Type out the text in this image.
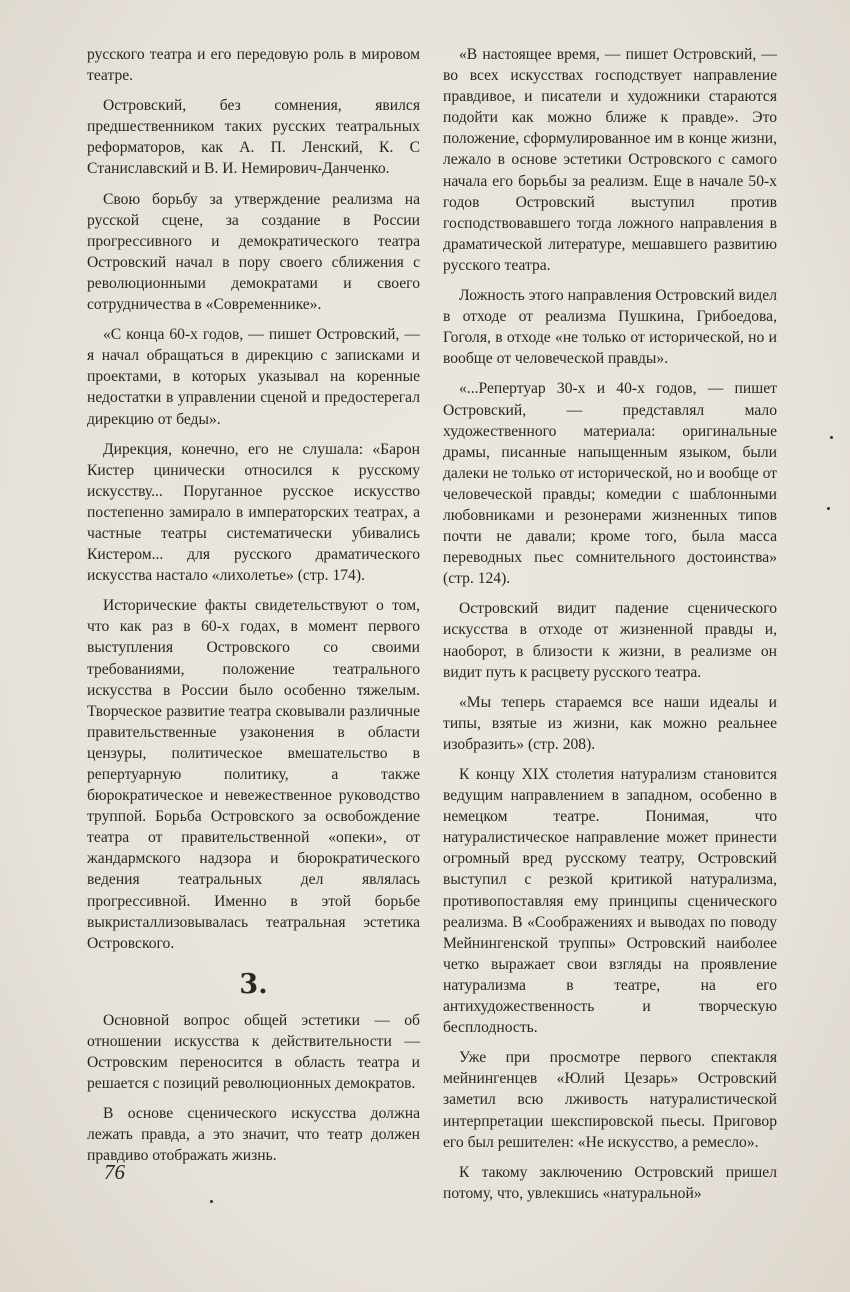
русского театра и его передовую роль в мировом театре.

Островский, без сомнения, явился предшественником таких русских театральных реформаторов, как А. П. Ленский, К. С Станиславский и В. И. Немирович-Данченко.

Свою борьбу за утверждение реализма на русской сцене, за создание в России прогрессивного и демократического театра Островский начал в пору своего сближения с революционными демократами и своего сотрудничества в «Современнике».

«С конца 60-х годов, — пишет Островский, — я начал обращаться в дирекцию с записками и проектами, в которых указывал на коренные недостатки в управлении сценой и предостерегал дирекцию от беды».

Дирекция, конечно, его не слушала: «Барон Кистер цинически относился к русскому искусству... Поруганное русское искусство постепенно замирало в императорских театрах, а частные театры систематически убивались Кистером... для русского драматического искусства настало «лихолетье» (стр. 174).

Исторические факты свидетельствуют о том, что как раз в 60-х годах, в момент первого выступления Островского со своими требованиями, положение театрального искусства в России было особенно тяжелым. Творческое развитие театра сковывали различные правительственные узаконения в области цензуры, политическое вмешательство в репертуарную политику, а также бюрократическое и невежественное руководство труппой. Борьба Островского за освобождение театра от правительственной «опеки», от жандармского надзора и бюрократического ведения театральных дел являлась прогрессивной. Именно в этой борьбе выкристаллизовывалась театральная эстетика Островского.

3.

Основной вопрос общей эстетики — об отношении искусства к действительности — Островским переносится в область театра и решается с позиций революционных демократов.

В основе сценического искусства должна лежать правда, а это значит, что театр должен правдиво отображать жизнь.

«В настоящее время, — пишет Островский, — во всех искусствах господствует направление правдивое, и писатели и художники стараются подойти как можно ближе к правде». Это положение, сформулированное им в конце жизни, лежало в основе эстетики Островского с самого начала его борьбы за реализм. Еще в начале 50-х годов Островский выступил против господствовавшего тогда ложного направления в драматической литературе, мешавшего развитию русского театра.

Ложность этого направления Островский видел в отходе от реализма Пушкина, Грибоедова, Гоголя, в отходе «не только от исторической, но и вообще от человеческой правды».

«...Репертуар 30-х и 40-х годов, — пишет Островский, — представлял мало художественного материала: оригинальные драмы, писанные напыщенным языком, были далеки не только от исторической, но и вообще от человеческой правды; комедии с шаблонными любовниками и резонерами жизненных типов почти не давали; кроме того, была масса переводных пьес сомнительного достоинства» (стр. 124).

Островский видит падение сценического искусства в отходе от жизненной правды и, наоборот, в близости к жизни, в реализме он видит путь к расцвету русского театра.

«Мы теперь стараемся все наши идеалы и типы, взятые из жизни, как можно реальнее изобразить» (стр. 208).

К концу XIX столетия натурализм становится ведущим направлением в западном, особенно в немецком театре. Понимая, что натуралистическое направление может принести огромный вред русскому театру, Островский выступил с резкой критикой натурализма, противопоставляя ему принципы сценического реализма. В «Соображениях и выводах по поводу Мейнингенской труппы» Островский наиболее четко выражает свои взгляды на проявление натурализма в театре, на его антихудожественность и творческую бесплодность.

Уже при просмотре первого спектакля мейнингенцев «Юлий Цезарь» Островский заметил всю лживость натуралистической интерпретации шекспировской пьесы. Приговор его был решителен: «Не искусство, а ремесло».

К такому заключению Островский пришел потому, что, увлекшись «натуральной»

76
